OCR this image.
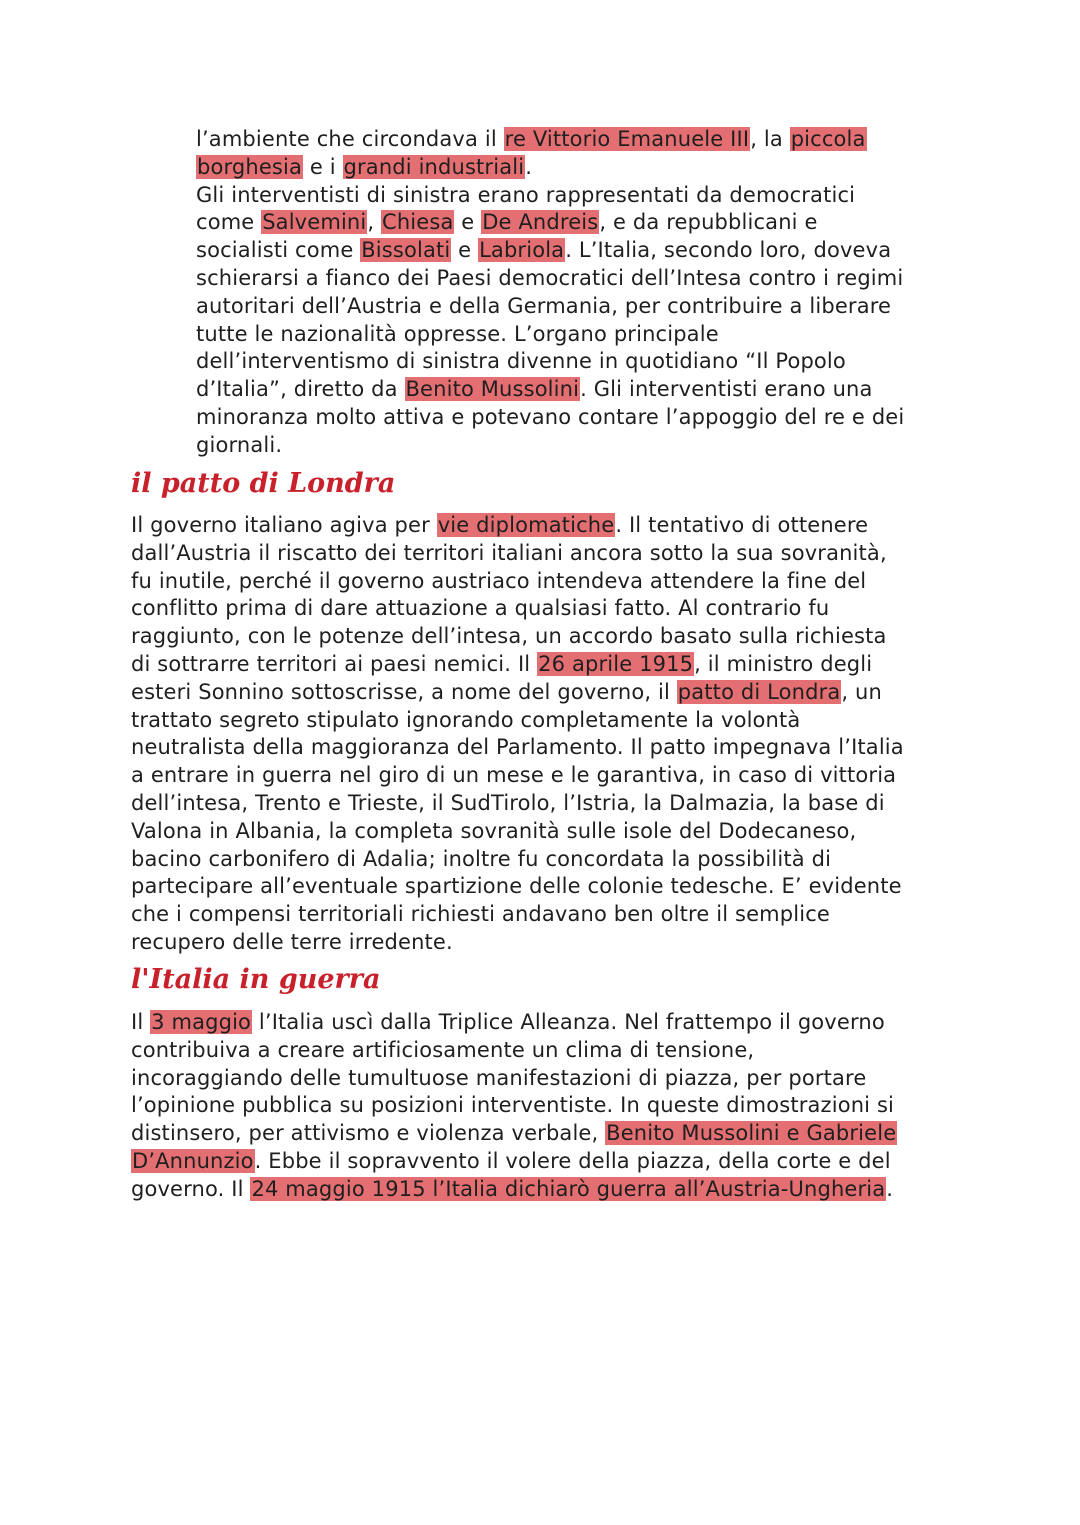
l’ambiente che circondava il re Vittorio Emanuele III, la piccola
borghesia e i grandi industriali.
Gli interventisti di sinistra erano rappresentati da democratici
come Salvemini, Chiesa e De Andreis, e da repubblicani e
socialisti come Bissolati e Labriola. L’Italia, secondo loro, doveva
schierarsi a fianco dei Paesi democratici dell’Intesa contro i regimi
autoritari dell’Austria e della Germania, per contribuire a liberare
tutte le nazionalità oppresse. L’organo principale
dell’interventismo di sinistra divenne in quotidiano “Il Popolo
d’Italia”, diretto da Benito Mussolini. Gli interventisti erano una
minoranza molto attiva e potevano contare l’appoggio del re e dei
giornali.
il patto di Londra
Il governo italiano agiva per vie diplomatiche. Il tentativo di ottenere
dall’Austria il riscatto dei territori italiani ancora sotto la sua sovranità,
fu inutile, perché il governo austriaco intendeva attendere la fine del
conflitto prima di dare attuazione a qualsiasi fatto. Al contrario fu
raggiunto, con le potenze dell’intesa, un accordo basato sulla richiesta
di sottrarre territori ai paesi nemici. Il 26 aprile 1915, il ministro degli
esteri Sonnino sottoscrisse, a nome del governo, il patto di Londra, un
trattato segreto stipulato ignorando completamente la volontà
neutralista della maggioranza del Parlamento. Il patto impegnava l’Italia
a entrare in guerra nel giro di un mese e le garantiva, in caso di vittoria
dell’intesa, Trento e Trieste, il SudTirolo, l’Istria, la Dalmazia, la base di
Valona in Albania, la completa sovranità sulle isole del Dodecaneso,
bacino carbonifero di Adalia; inoltre fu concordata la possibilità di
partecipare all’eventuale spartizione delle colonie tedesche. E’ evidente
che i compensi territoriali richiesti andavano ben oltre il semplice
recupero delle terre irredente.
l'Italia in guerra
Il 3 maggio l’Italia uscì dalla Triplice Alleanza. Nel frattempo il governo
contribuiva a creare artificiosamente un clima di tensione,
incoraggiando delle tumultuose manifestazioni di piazza, per portare
l’opinione pubblica su posizioni interventiste. In queste dimostrazioni si
distinsero, per attivismo e violenza verbale, Benito Mussolini e Gabriele
D’Annunzio. Ebbe il sopravvento il volere della piazza, della corte e del
governo. Il 24 maggio 1915 l’Italia dichiarò guerra all’Austria-Ungheria.
